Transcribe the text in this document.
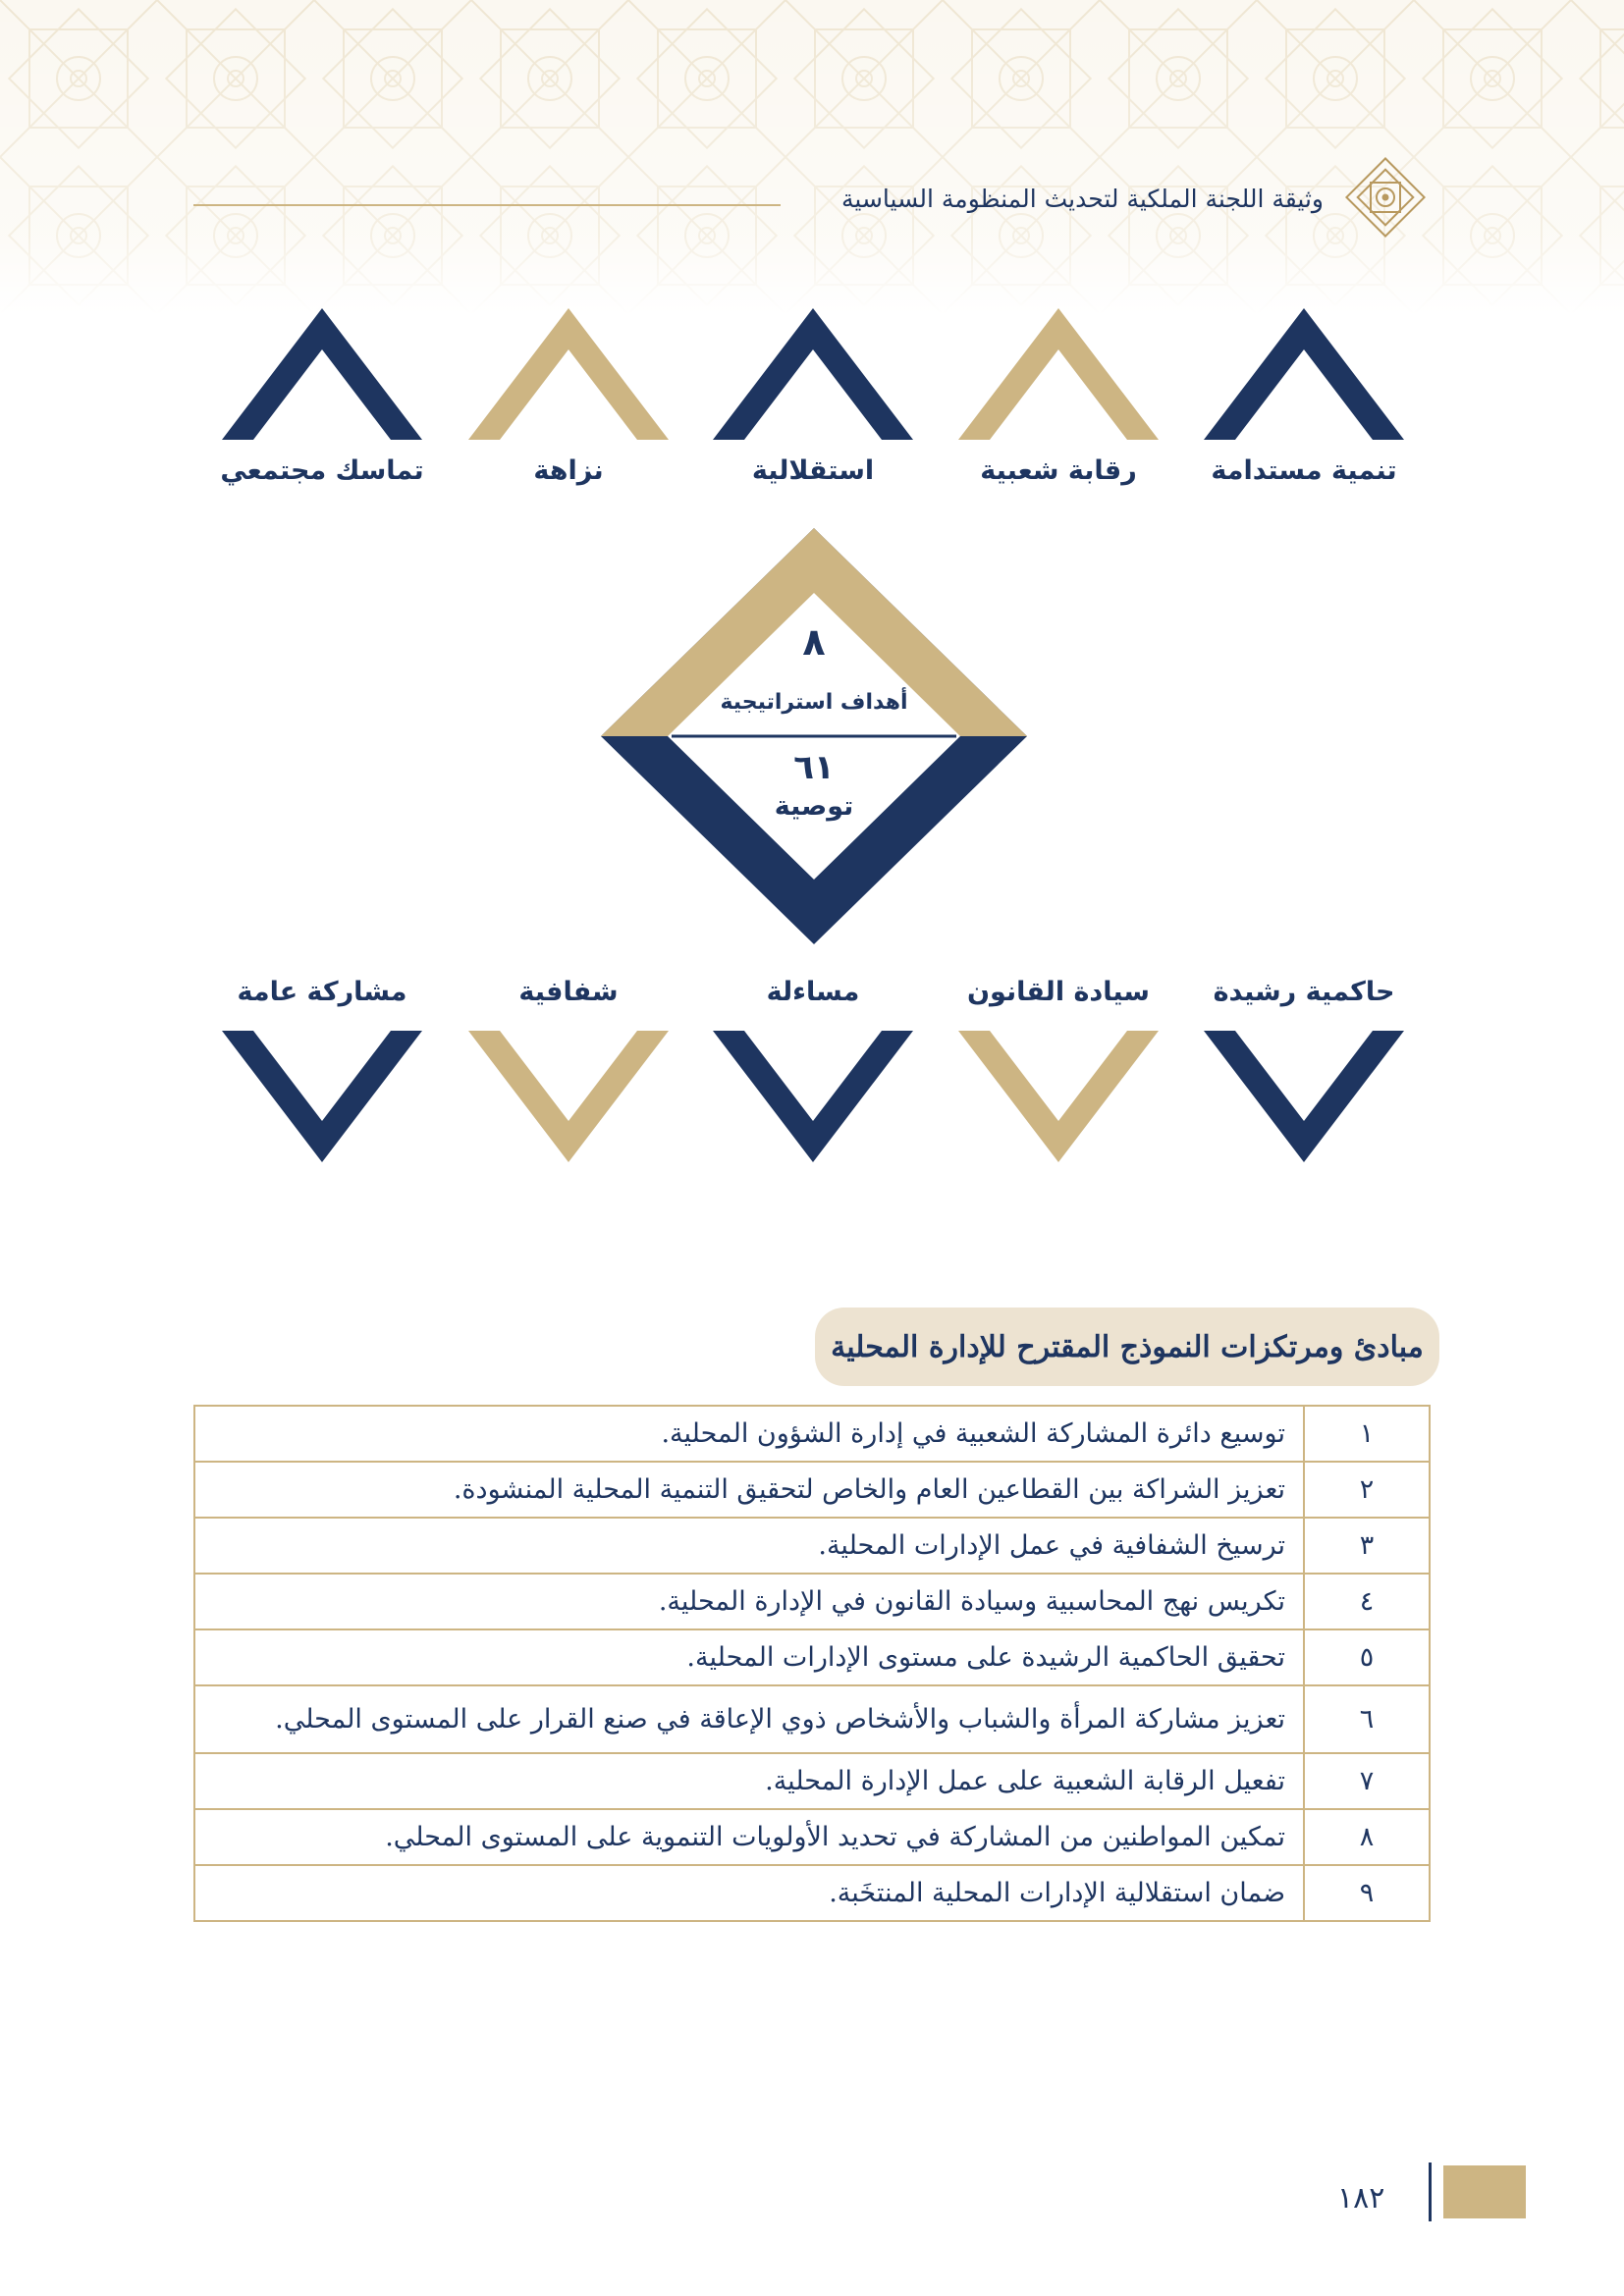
وثيقة اللجنة الملكية لتحديث المنظومة السياسية
تنمية مستدامة
رقابة شعبية
استقلالية
نزاهة
تماسك مجتمعي
٨
أهداف استراتيجية
٦١
توصية
حاكمية رشيدة
سيادة القانون
مساءلة
شفافية
مشاركة عامة
مبادئ ومرتكزات النموذج المقترح للإدارة المحلية
١	توسيع دائرة المشاركة الشعبية في إدارة الشؤون المحلية.
٢	تعزيز الشراكة بين القطاعين العام والخاص لتحقيق التنمية المحلية المنشودة.
٣	ترسيخ الشفافية في عمل الإدارات المحلية.
٤	تكريس نهج المحاسبية وسيادة القانون في الإدارة المحلية.
٥	تحقيق الحاكمية الرشيدة على مستوى الإدارات المحلية.
٦	تعزيز مشاركة المرأة والشباب والأشخاص ذوي الإعاقة في صنع القرار على المستوى المحلي.
٧	تفعيل الرقابة الشعبية على عمل الإدارة المحلية.
٨	تمكين المواطنين من المشاركة في تحديد الأولويات التنموية على المستوى المحلي.
٩	ضمان استقلالية الإدارات المحلية المنتخَبة.
١٨٢
